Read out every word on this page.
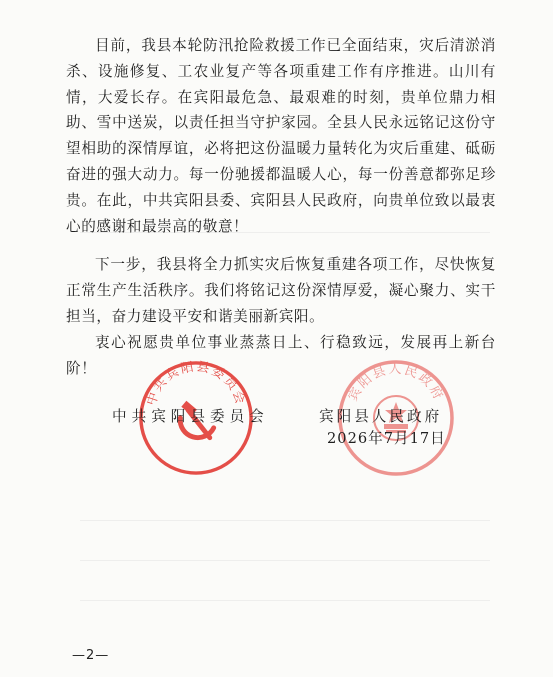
目前，我县本轮防汛抢险救援工作已全面结束，灾后清淤消杀、设施修复、工农业复产等各项重建工作有序推进。山川有情，大爱长存。在宾阳最危急、最艰难的时刻，贵单位鼎力相助、雪中送炭，以责任担当守护家园。全县人民永远铭记这份守望相助的深情厚谊，必将把这份温暖力量转化为灾后重建、砥砺奋进的强大动力。每一份驰援都温暖人心，每一份善意都弥足珍贵。在此，中共宾阳县委、宾阳县人民政府，向贵单位致以最衷心的感谢和最崇高的敬意！

下一步，我县将全力抓实灾后恢复重建各项工作，尽快恢复正常生产生活秩序。我们将铭记这份深情厚爱，凝心聚力、实干担当，奋力建设平安和谐美丽新宾阳。

衷心祝愿贵单位事业蒸蒸日上、行稳致远，发展再上新台阶！

中共宾阳县委员会	宾阳县人民政府
中共宾阳县委员会	宾阳县人民政府
2026年7月17日
—2—
